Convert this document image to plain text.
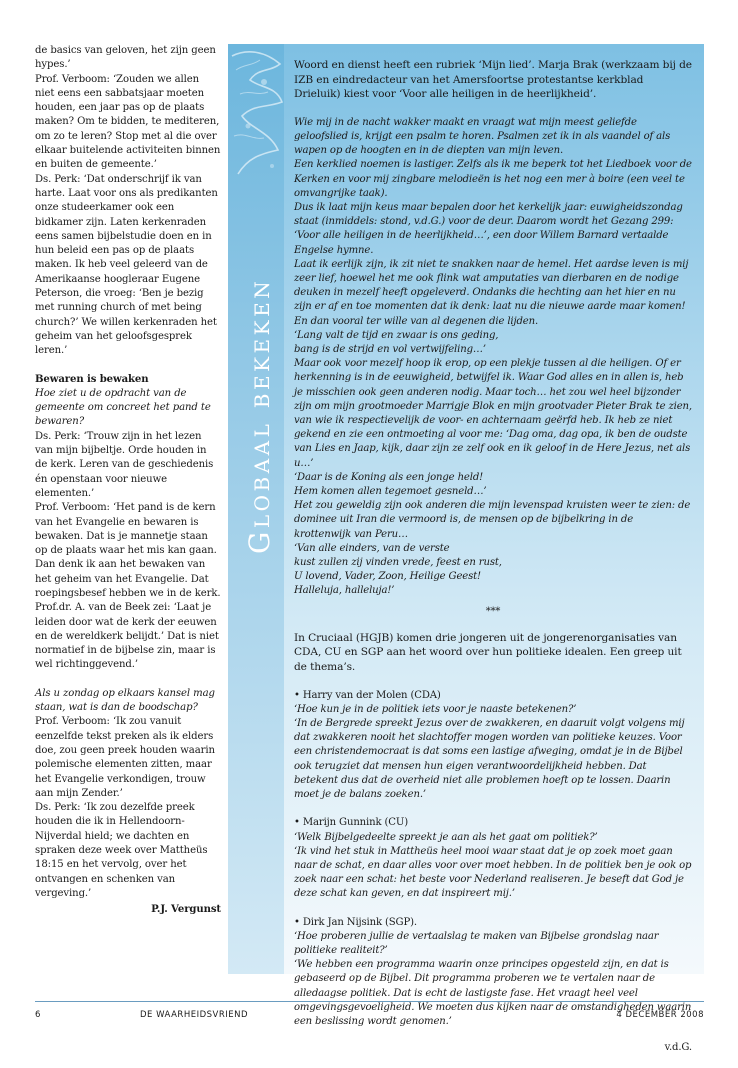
de basics van geloven, het zijn geen hypes.’

Prof. Verboom: ‘Zouden we allen niet eens een sabbatsjaar moeten houden, een jaar pas op de plaats maken? Om te bidden, te mediteren, om zo te leren? Stop met al die over elkaar buitelende activiteiten binnen en buiten de gemeente.’

Ds. Perk: ‘Dat onderschrijf ik van harte. Laat voor ons als predikanten onze studeerkamer ook een bidkamer zijn. Laten kerkenraden eens samen bijbelstudie doen en in hun beleid een pas op de plaats maken. Ik heb veel geleerd van de Amerikaanse hoogleraar Eugene Peterson, die vroeg: ‘Ben je bezig met running church of met being church?’ We willen kerkenraden het geheim van het geloofsgesprek leren.’

Bewaren is bewaken

Hoe ziet u de opdracht van de gemeente om concreet het pand te bewaren?

Ds. Perk: ‘Trouw zijn in het lezen van mijn bijbeltje. Orde houden in de kerk. Leren van de geschiedenis én openstaan voor nieuwe elementen.’

Prof. Verboom: ‘Het pand is de kern van het Evangelie en bewaren is bewaken. Dat is je mannetje staan op de plaats waar het mis kan gaan. Dan denk ik aan het bewaken van het geheim van het Evangelie. Dat roepingsbesef hebben we in de kerk. Prof.dr. A. van de Beek zei: ‘Laat je leiden door wat de kerk der eeuwen en de wereldkerk belijdt.’ Dat is niet normatief in de bijbelse zin, maar is wel richtinggevend.’

Als u zondag op elkaars kansel mag staan, wat is dan de boodschap?

Prof. Verboom: ‘Ik zou vanuit eenzelfde tekst preken als ik elders doe, zou geen preek houden waarin polemische elementen zitten, maar het Evangelie verkondigen, trouw aan mijn Zender.’

Ds. Perk: ‘Ik zou dezelfde preek houden die ik in Hellendoorn-Nijverdal hield; we dachten en spraken deze week over Mattheüs 18:15 en het vervolg, over het ontvangen en schenken van vergeving.’

P.J. Vergunst

Globaal bekeken

Woord en dienst heeft een rubriek ‘Mijn lied’. Marja Brak (werkzaam bij de IZB en eindredacteur van het Amersfoortse protestantse kerkblad Drieluik) kiest voor ‘Voor alle heiligen in de heerlijkheid’.

Wie mij in de nacht wakker maakt en vraagt wat mijn meest geliefde geloofslied is, krijgt een psalm te horen. Psalmen zet ik in als vaandel of als wapen op de hoogten en in de diepten van mijn leven.

Een kerklied noemen is lastiger. Zelfs als ik me beperk tot het Liedboek voor de Kerken en voor mij zingbare melodieën is het nog een mer à boire (een veel te omvangrijke taak).

Dus ik laat mijn keus maar bepalen door het kerkelijk jaar: euwigheidszondag staat (inmiddels: stond, v.d.G.) voor de deur. Daarom wordt het Gezang 299: ‘Voor alle heiligen in de heerlijkheid…’, een door Willem Barnard vertaalde Engelse hymne.

Laat ik eerlijk zijn, ik zit niet te snakken naar de hemel. Het aardse leven is mij zeer lief, hoewel het me ook flink wat amputaties van dierbaren en de nodige deuken in mezelf heeft opgeleverd. Ondanks die hechting aan het hier en nu zijn er af en toe momenten dat ik denk: laat nu die nieuwe aarde maar komen! En dan vooral ter wille van al degenen die lijden.

‘Lang valt de tijd en zwaar is ons geding,

bang is de strijd en vol vertwijfeling…’

Maar ook voor mezelf hoop ik erop, op een plekje tussen al die heiligen. Of er herkenning is in de eeuwigheid, betwijfel ik. Waar God alles en in allen is, heb je misschien ook geen anderen nodig. Maar toch… het zou wel heel bijzonder zijn om mijn grootmoeder Marrigje Blok en mijn grootvader Pieter Brak te zien, van wie ik respectievelijk de voor- en achternaam geërfd heb. Ik heb ze niet gekend en zie een ontmoeting al voor me: ‘Dag oma, dag opa, ik ben de oudste van Lies en Jaap, kijk, daar zijn ze zelf ook en ik geloof in de Here Jezus, net als u…’

‘Daar is de Koning als een jonge held!

Hem komen allen tegemoet gesneld…’

Het zou geweldig zijn ook anderen die mijn levenspad kruisten weer te zien: de dominee uit Iran die vermoord is, de mensen op de bijbelkring in de krottenwijk van Peru…

‘Van alle einders, van de verste

kust zullen zij vinden vrede, feest en rust,

U lovend, Vader, Zoon, Heilige Geest!

Halleluja, halleluja!’

***

In Cruciaal (HGJB) komen drie jongeren uit de jongerenorganisaties van CDA, CU en SGP aan het woord over hun politieke idealen. Een greep uit de thema’s.

• Harry van der Molen (CDA)

‘Hoe kun je in de politiek iets voor je naaste betekenen?’

‘In de Bergrede spreekt Jezus over de zwakkeren, en daaruit volgt volgens mij dat zwakkeren nooit het slachtoffer mogen worden van politieke keuzes. Voor een christendemocraat is dat soms een lastige afweging, omdat je in de Bijbel ook terugziet dat mensen hun eigen verantwoordelijkheid hebben. Dat betekent dus dat de overheid niet alle problemen hoeft op te lossen. Daarin moet je de balans zoeken.’

• Marijn Gunnink (CU)

‘Welk Bijbelgedeelte spreekt je aan als het gaat om politiek?’

‘Ik vind het stuk in Mattheüs heel mooi waar staat dat je op zoek moet gaan naar de schat, en daar alles voor over moet hebben. In de politiek ben je ook op zoek naar een schat: het beste voor Nederland realiseren. Je beseft dat God je deze schat kan geven, en dat inspireert mij.’

• Dirk Jan Nijsink (SGP).

‘Hoe proberen jullie de vertaalslag te maken van Bijbelse grondslag naar politieke realiteit?’

‘We hebben een programma waarin onze principes opgesteld zijn, en dat is gebaseerd op de Bijbel. Dit programma proberen we te vertalen naar de alledaagse politiek. Dat is echt de lastigste fase. Het vraagt heel veel omgevingsgevoeligheid. We moeten dus kijken naar de omstandigheden waarin een beslissing wordt genomen.’

v.d.G.

6	DE WAARHEIDSVRIEND	4 DECEMBER 2008
